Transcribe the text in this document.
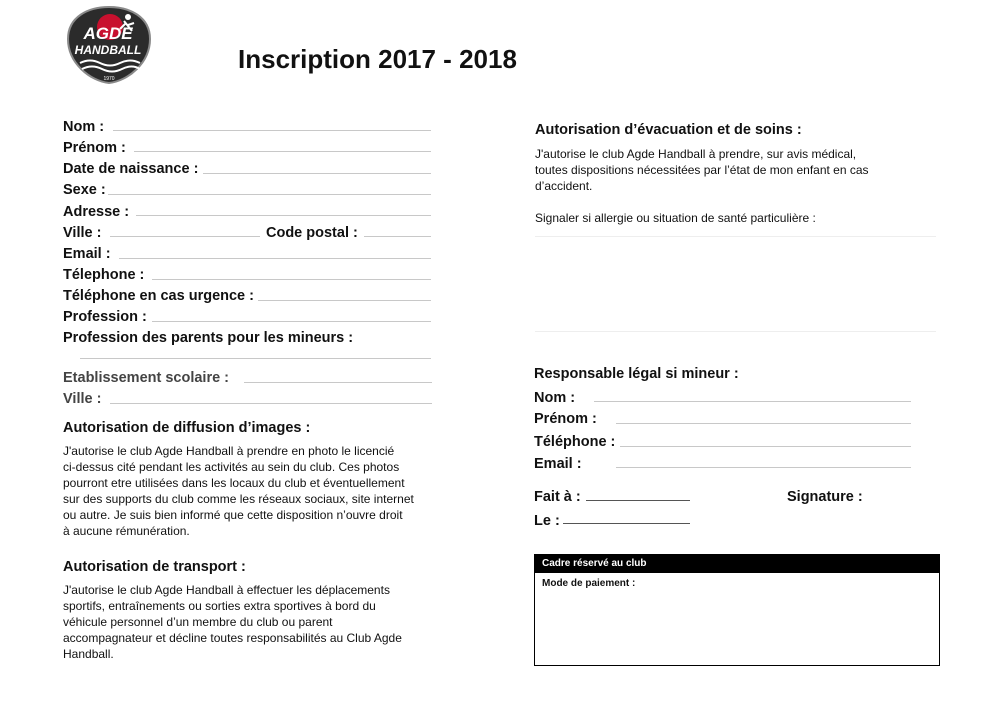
AGDE
HANDBALL
1970
Inscription 2017 - 2018
Nom :
Prénom :
Date de naissance :
Sexe :
Adresse :
Ville :	Code postal :
Email :
Télephone :
Téléphone en cas urgence :
Profession :
Profession des parents pour les mineurs :
Etablissement scolaire :
Ville :
Autorisation de diffusion d’images :
J'autorise le club Agde Handball à prendre en photo le licencié
ci-dessus cité pendant les activités au sein du club. Ces photos
pourront etre utilisées dans les locaux du club et éventuellement
sur des supports du club comme les réseaux sociaux, site internet
ou autre. Je suis bien informé que cette disposition n’ouvre droit
à aucune rémunération.
Autorisation de transport :
J'autorise le club Agde Handball à effectuer les déplacements
sportifs, entraînements ou sorties extra sportives à bord du
véhicule personnel d’un membre du club ou parent
accompagnateur et décline toutes responsabilités au Club Agde
Handball.
Autorisation d’évacuation et de soins :
J'autorise le club Agde Handball à prendre, sur avis médical,
toutes dispositions nécessitées par l’état de mon enfant en cas
d’accident.
Signaler si allergie ou situation de santé particulière :
Responsable légal si mineur :
Nom :
Prénom :
Téléphone :
Email :
Fait à :	Signature :
Le :
Cadre réservé au club
Mode de paiement :
